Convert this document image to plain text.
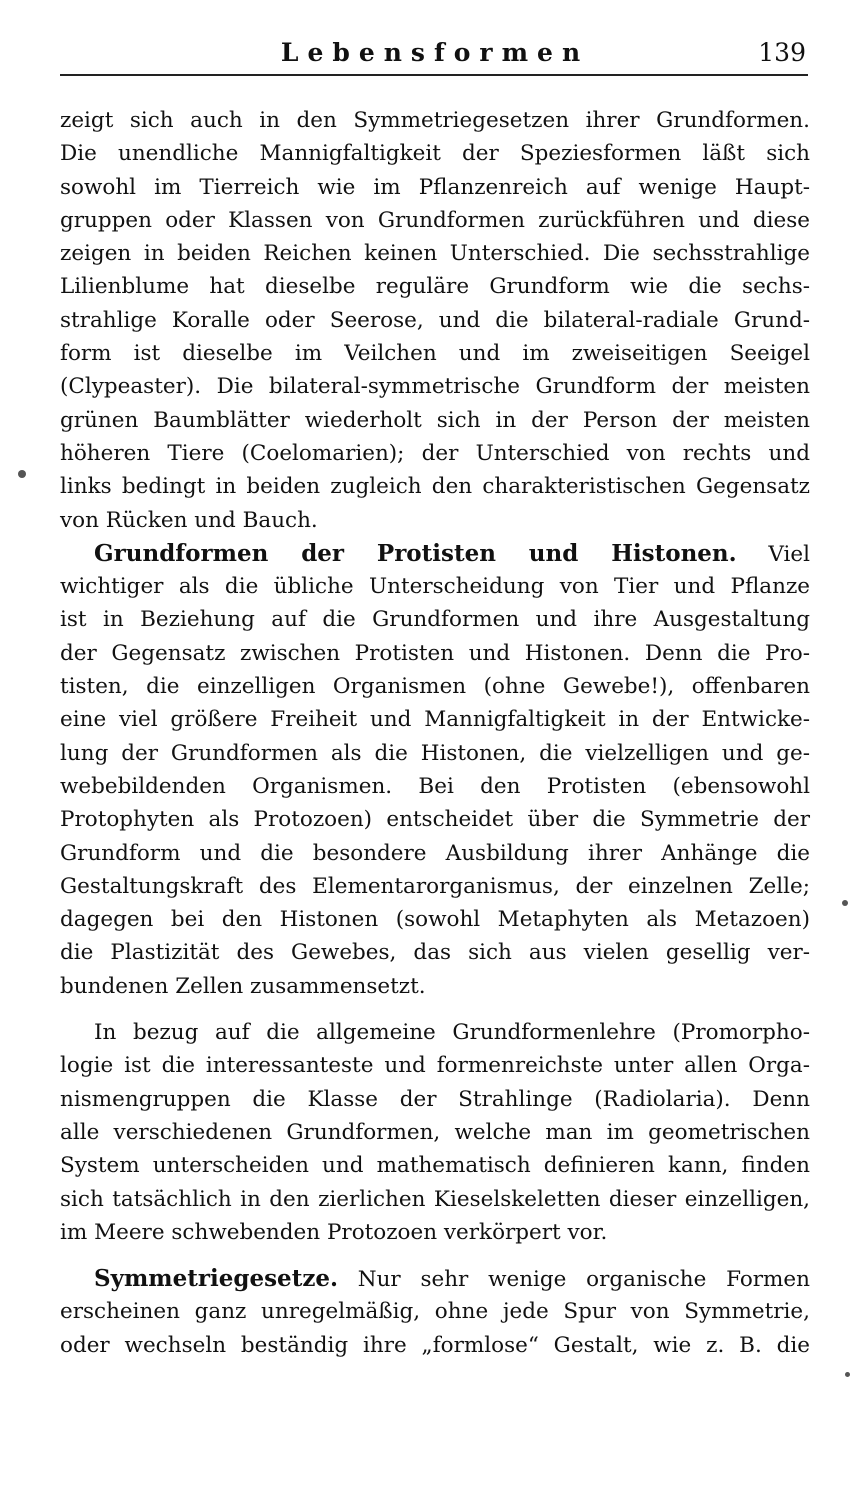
Lebensformen	139
zeigt sich auch in den Symmetriegesetzen ihrer Grundformen.
Die unendliche Mannigfaltigkeit der Speziesformen läßt sich
sowohl im Tierreich wie im Pflanzenreich auf wenige Haupt-
gruppen oder Klassen von Grundformen zurückführen und diese
zeigen in beiden Reichen keinen Unterschied. Die sechsstrahlige
Lilienblume hat dieselbe reguläre Grundform wie die sechs-
strahlige Koralle oder Seerose, und die bilateral-radiale Grund-
form ist dieselbe im Veilchen und im zweiseitigen Seeigel
(Clypeaster). Die bilateral-symmetrische Grundform der meisten
grünen Baumblätter wiederholt sich in der Person der meisten
höheren Tiere (Coelomarien); der Unterschied von rechts und
links bedingt in beiden zugleich den charakteristischen Gegensatz
von Rücken und Bauch.
Grundformen der Protisten und Histonen. Viel
wichtiger als die übliche Unterscheidung von Tier und Pflanze
ist in Beziehung auf die Grundformen und ihre Ausgestaltung
der Gegensatz zwischen Protisten und Histonen. Denn die Pro-
tisten, die einzelligen Organismen (ohne Gewebe!), offenbaren
eine viel größere Freiheit und Mannigfaltigkeit in der Entwicke-
lung der Grundformen als die Histonen, die vielzelligen und ge-
webebildenden Organismen. Bei den Protisten (ebensowohl
Protophyten als Protozoen) entscheidet über die Symmetrie der
Grundform und die besondere Ausbildung ihrer Anhänge die
Gestaltungskraft des Elementarorganismus, der einzelnen Zelle;
dagegen bei den Histonen (sowohl Metaphyten als Metazoen)
die Plastizität des Gewebes, das sich aus vielen gesellig ver-
bundenen Zellen zusammensetzt.
In bezug auf die allgemeine Grundformenlehre (Promorpho-
logie ist die interessanteste und formenreichste unter allen Orga-
nismengruppen die Klasse der Strahlinge (Radiolaria). Denn
alle verschiedenen Grundformen, welche man im geometrischen
System unterscheiden und mathematisch definieren kann, finden
sich tatsächlich in den zierlichen Kieselskeletten dieser einzelligen,
im Meere schwebenden Protozoen verkörpert vor.
Symmetriegesetze. Nur sehr wenige organische Formen
erscheinen ganz unregelmäßig, ohne jede Spur von Symmetrie,
oder wechseln beständig ihre „formlose“ Gestalt, wie z. B. die
